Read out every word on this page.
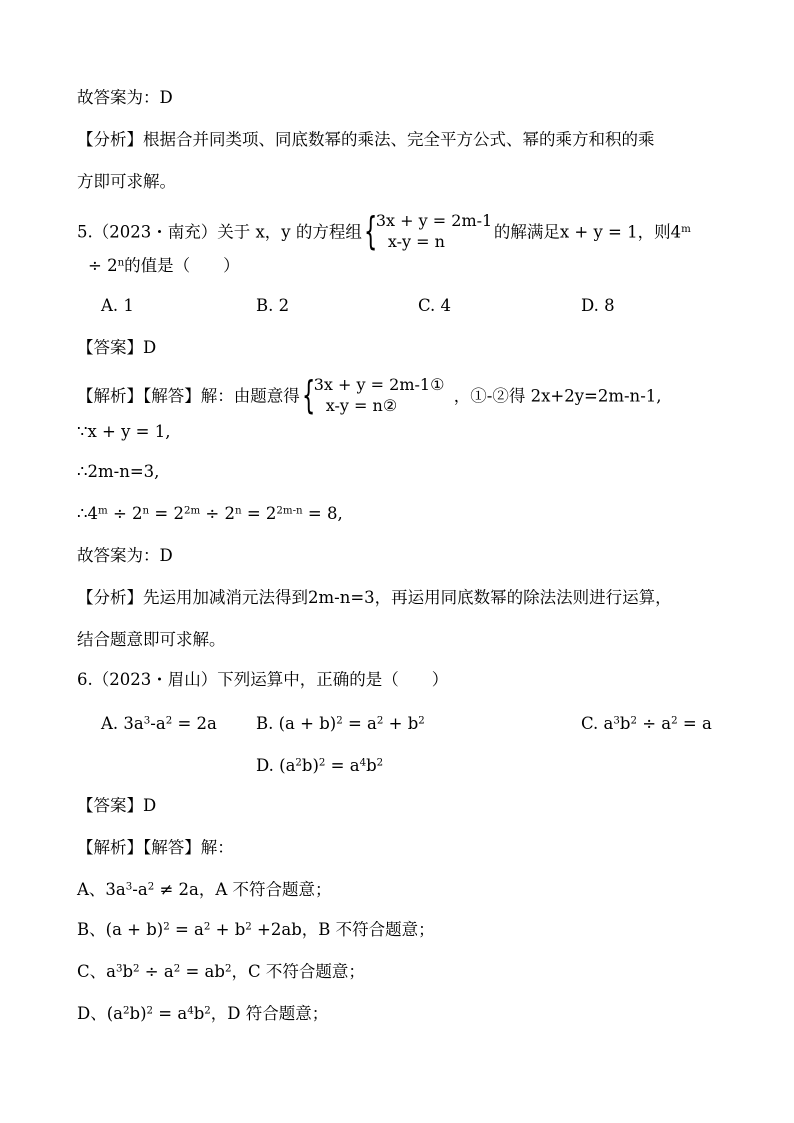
故答案为：D
【分析】根据合并同类项、同底数幂的乘法、完全平方公式、幂的乘方和积的乘
方即可求解。
5.（2023・南充）关于 x，y 的方程组 {
3x + y = 2m-1
x-y = n	的解满足x + y = 1，则$4^m$
÷ $2^n$的值是（　　）
A. 1	B. 2	C. 4	D. 8
【答案】D
【解析】【解答】解：由题意得 {
3x + y = 2m-1①
x-y = n②	，①-②得 2x+2y=2m-n-1,
∵x + y = 1,
∴2m-n=3,
$\therefore 4^m \div 2^n = 2^{2m} \div 2^n = 2^{2m-n} = 8$,
故答案为：D
【分析】先运用加减消元法得到2m-n=3，再运用同底数幂的除法法则进行运算，
结合题意即可求解。
6.（2023・眉山）下列运算中，正确的是（　　）
A. $3a^3-a^2 = 2a$ B. $(a + b)^2 = a^2 + b^2$	C. $a^3b^2 \div a^2 = a$
D. $(a^2b)^2 = a^4b^2$
【答案】D
【解析】【解答】解：
A、$3a^3-a^2 \ne 2a$，A 不符合题意；
B、$(a + b)^2 = a^2 + b^2 +2ab$，B 不符合题意；
C、$a^3b^2 \div a^2 = ab^2$，C 不符合题意；
D、$(a^2b)^2 = a^4b^2$，D 符合题意；
